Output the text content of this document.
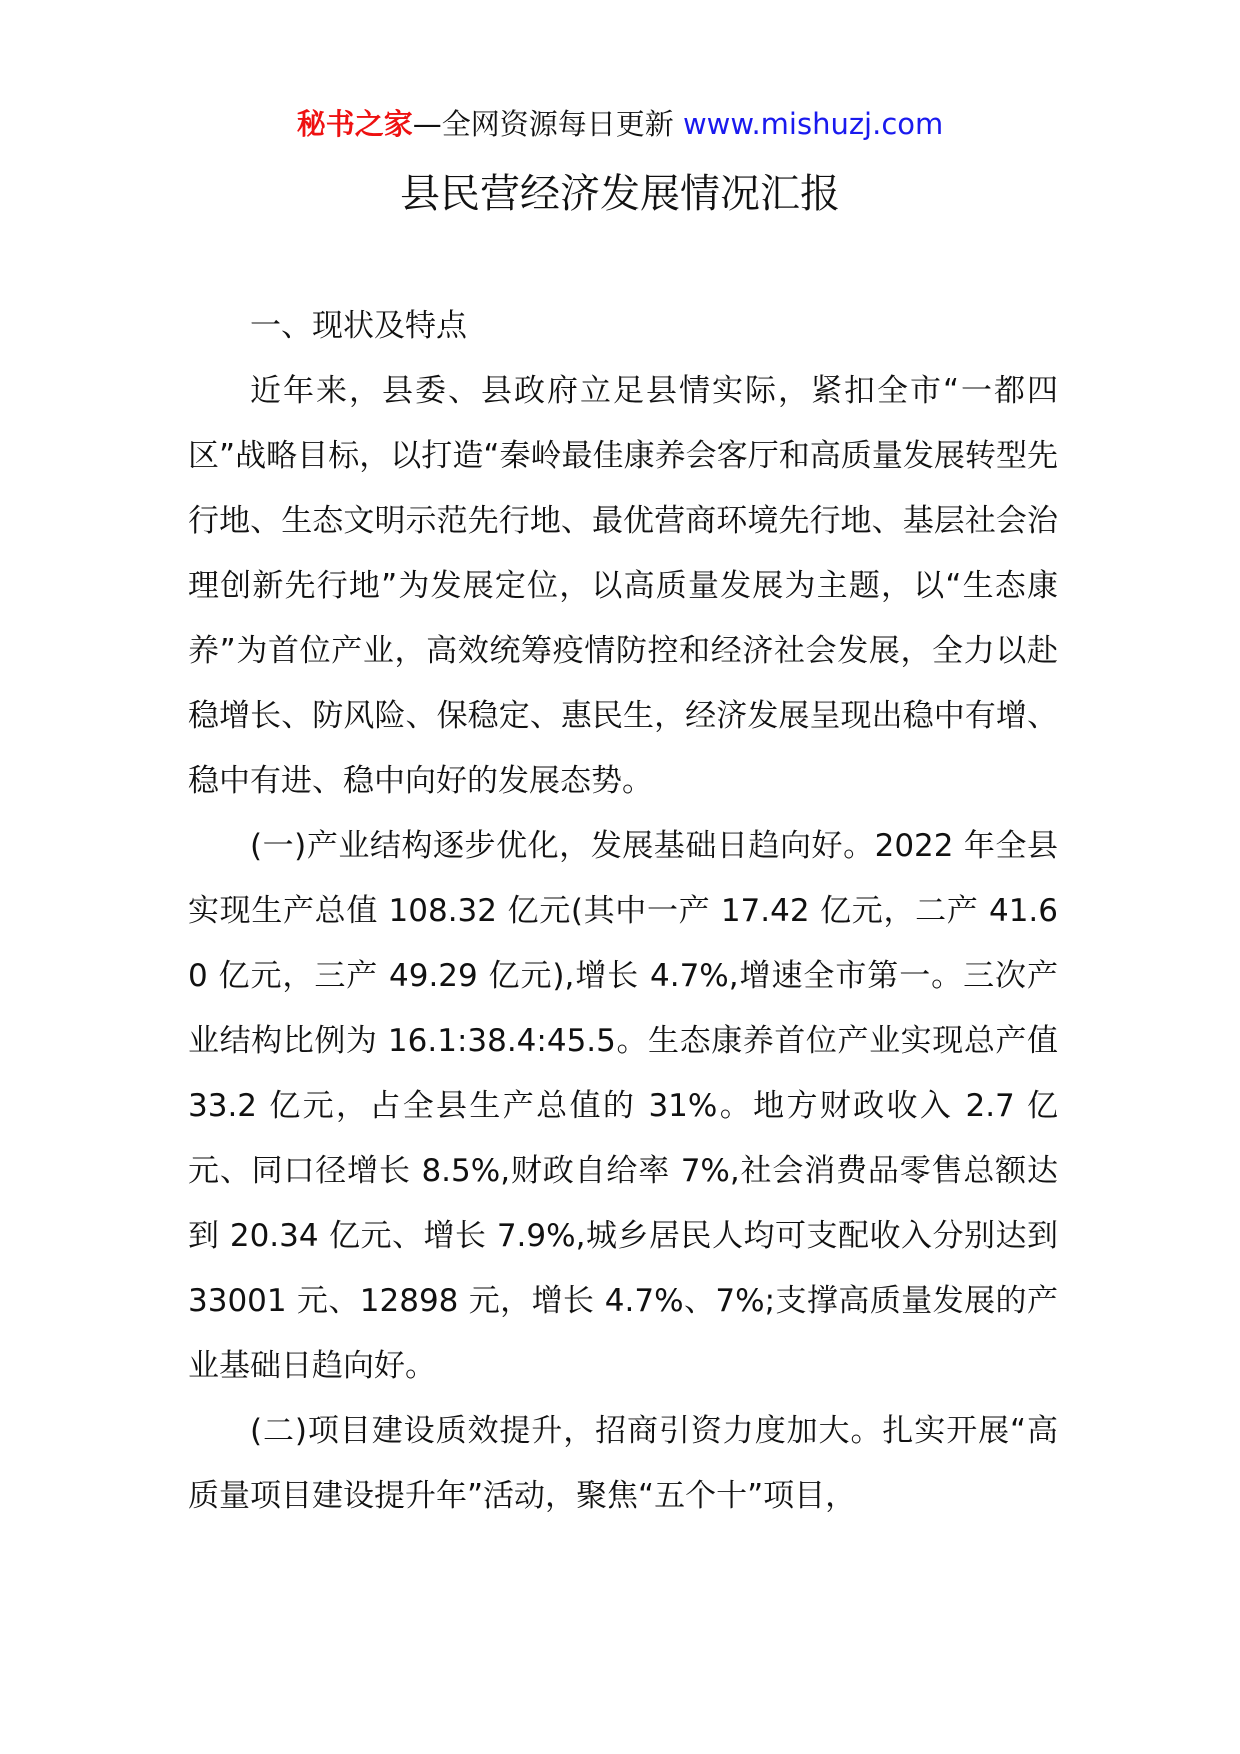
秘书之家—全网资源每日更新 www.mishuzj.com
县民营经济发展情况汇报

一、现状及特点

近年来，县委、县政府立足县情实际，紧扣全市“一都四区”战略目标，以打造“秦岭最佳康养会客厅和高质量发展转型先行地、生态文明示范先行地、最优营商环境先行地、基层社会治理创新先行地”为发展定位，以高质量发展为主题，以“生态康养”为首位产业，高效统筹疫情防控和经济社会发展，全力以赴稳增长、防风险、保稳定、惠民生，经济发展呈现出稳中有增、稳中有进、稳中向好的发展态势。

(一)产业结构逐步优化，发展基础日趋向好。2022 年全县实现生产总值 108.32 亿元(其中一产 17.42 亿元，二产 41.60 亿元，三产 49.29 亿元),增长 4.7%,增速全市第一。三次产业结构比例为 16.1:38.4:45.5。生态康养首位产业实现总产值 33.2 亿元，占全县生产总值的 31%。地方财政收入 2.7 亿元、同口径增长 8.5%,财政自给率 7%,社会消费品零售总额达到 20.34 亿元、增长 7.9%,城乡居民人均可支配收入分别达到 33001 元、12898 元，增长 4.7%、7%;支撑高质量发展的产业基础日趋向好。

(二)项目建设质效提升，招商引资力度加大。扎实开展“高质量项目建设提升年”活动，聚焦“五个十”项目，
